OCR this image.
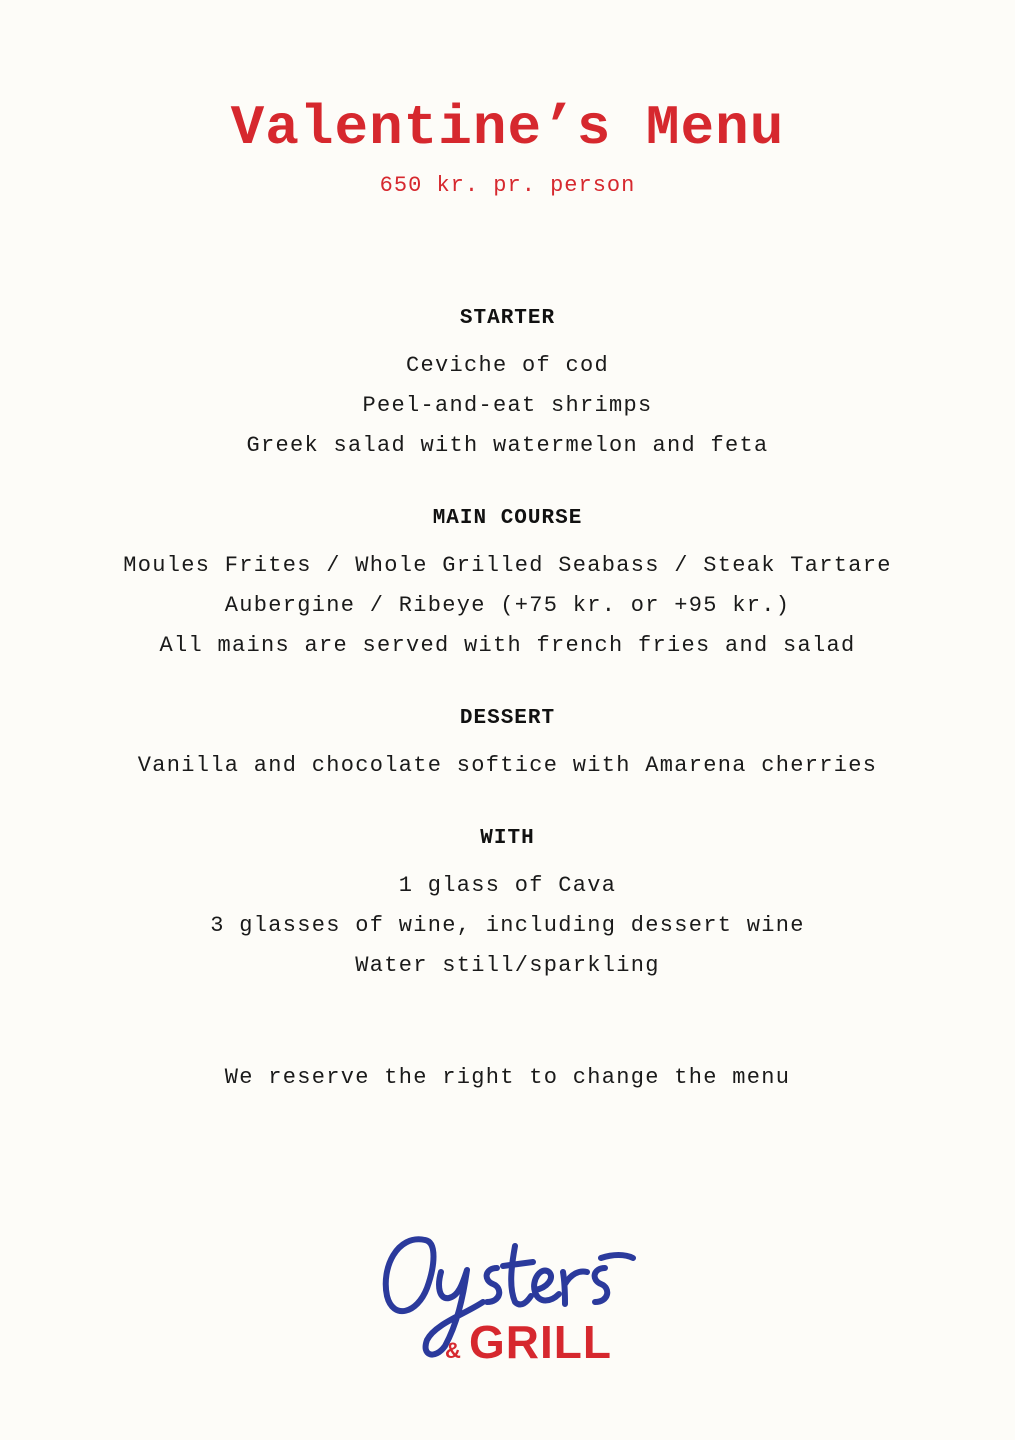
Valentine’s Menu
650 kr. pr. person
STARTER
Ceviche of cod
Peel-and-eat shrimps
Greek salad with watermelon and feta
MAIN COURSE
Moules Frites / Whole Grilled Seabass / Steak Tartare
Aubergine / Ribeye (+75 kr. or +95 kr.)
All mains are served with french fries and salad
DESSERT
Vanilla and chocolate softice with Amarena cherries
WITH
1 glass of Cava
3 glasses of wine, including dessert wine
Water still/sparkling
We reserve the right to change the menu
& GRILL
